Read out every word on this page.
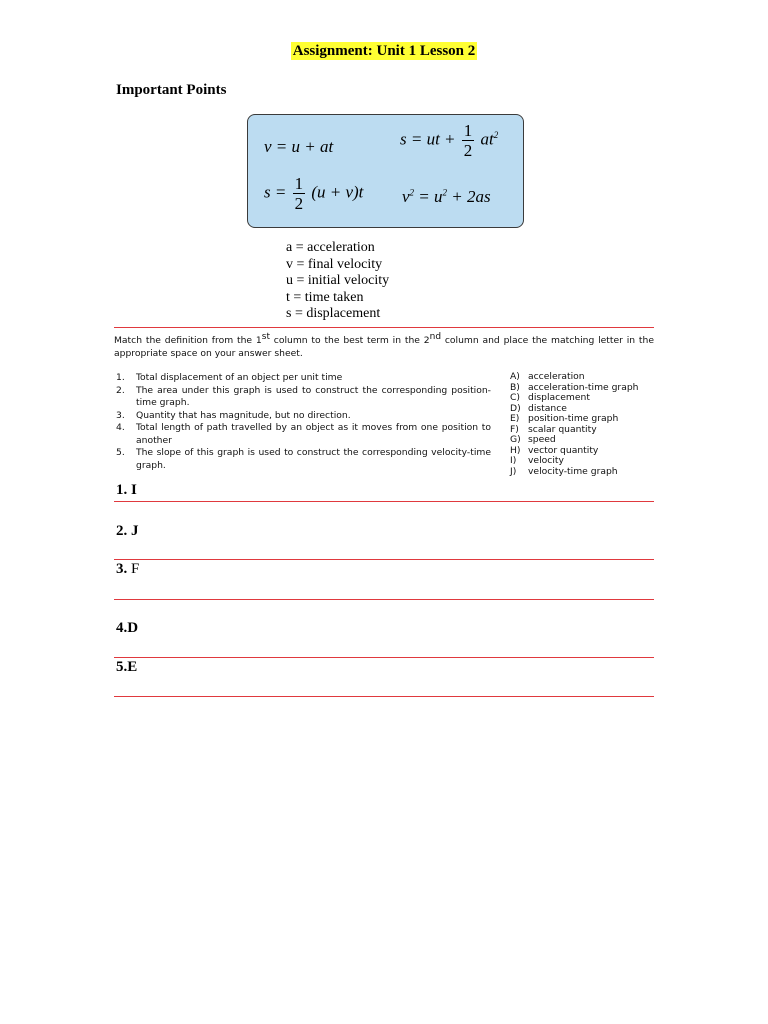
Assignment: Unit 1 Lesson 2
Important Points
v = u + at	s = ut + $\frac{1}{2} at^2$
$s = \frac{1}{2} (u + v)t$ $v^2 = u^2 + 2as$
a = acceleration
v = final velocity
u = initial velocity
t = time taken
s = displacement

Match the definition from the 1st column to the best term in the 2nd column and place the matching letter in the appropriate space on your answer sheet.

1.	Total displacement of an object per unit time
2.	The area under this graph is used to construct the corresponding position-time graph.
3.	Quantity that has magnitude, but no direction.
4.	Total length of path travelled by an object as it moves from one position to another
5.	The slope of this graph is used to construct the corresponding velocity-time graph.
A) acceleration
B) acceleration-time graph
C) displacement
D) distance
E) position-time graph
F) scalar quantity
G) speed
H) vector quantity
I)	velocity
J)	velocity-time graph
1. I
2. J
3. F
4.D
5.E
